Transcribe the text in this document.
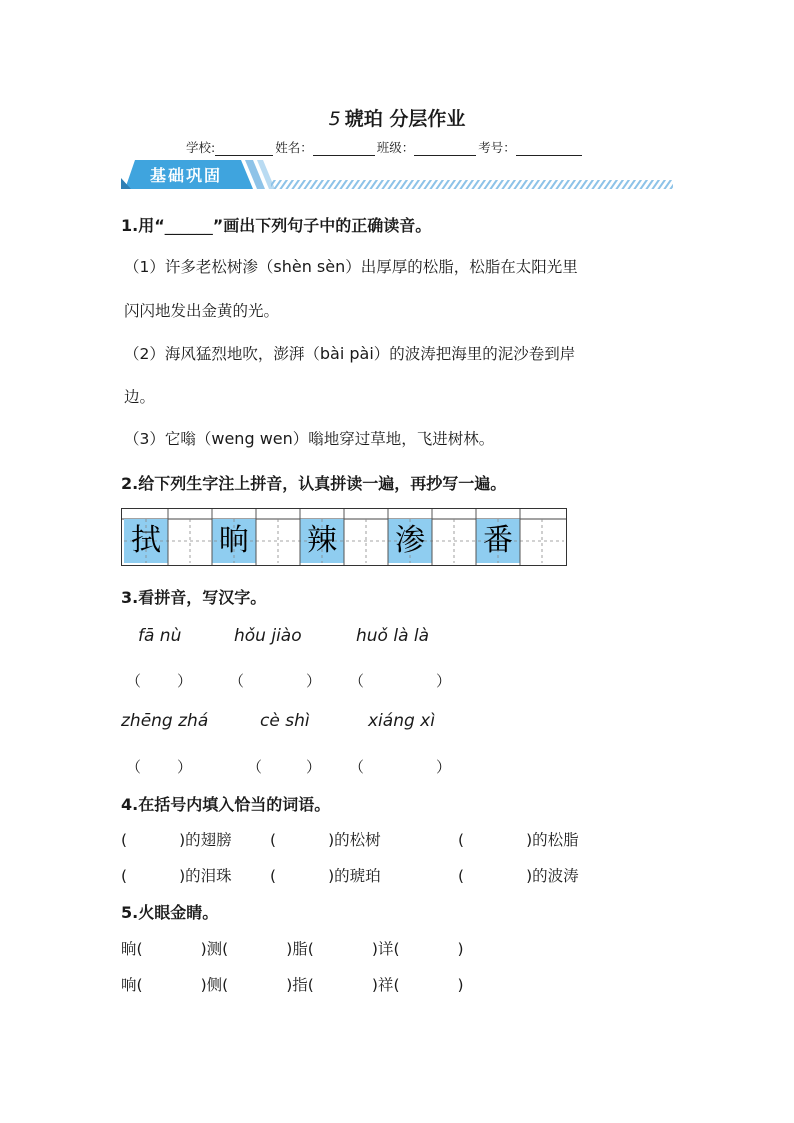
5 琥珀 分层作业
学校:	姓名：	班级：	考号：
基础巩固
1.用“______”画出下列句子中的正确读音。
（1）许多老松树渗（shèn sèn）出厚厚的松脂，松脂在太阳光里
闪闪地发出金黄的光。
（2）海风猛烈地吹，澎湃（bài pài）的波涛把海里的泥沙卷到岸
边。
（3）它嗡（weng wen）嗡地穿过草地，飞进树林。
2.给下列生字注上拼音，认真拼读一遍，再抄写一遍。
拭 晌 辣 渗 番
3.看拼音，写汉字。
fā nù	hǒu jiào	huǒ là là
（ ） （	） （	）
zhēng zhá	cè shì	xiáng xì
（ ）	（	） （	）
4.在括号内填入恰当的词语。
(	)的翅膀 (	)的松树	(	)的松脂
(	)的泪珠 (	)的琥珀	(	)的波涛
5.火眼金睛。
晌(	)测(	)脂(	)详(	)
响(	)侧(	)指(	)祥(	)
